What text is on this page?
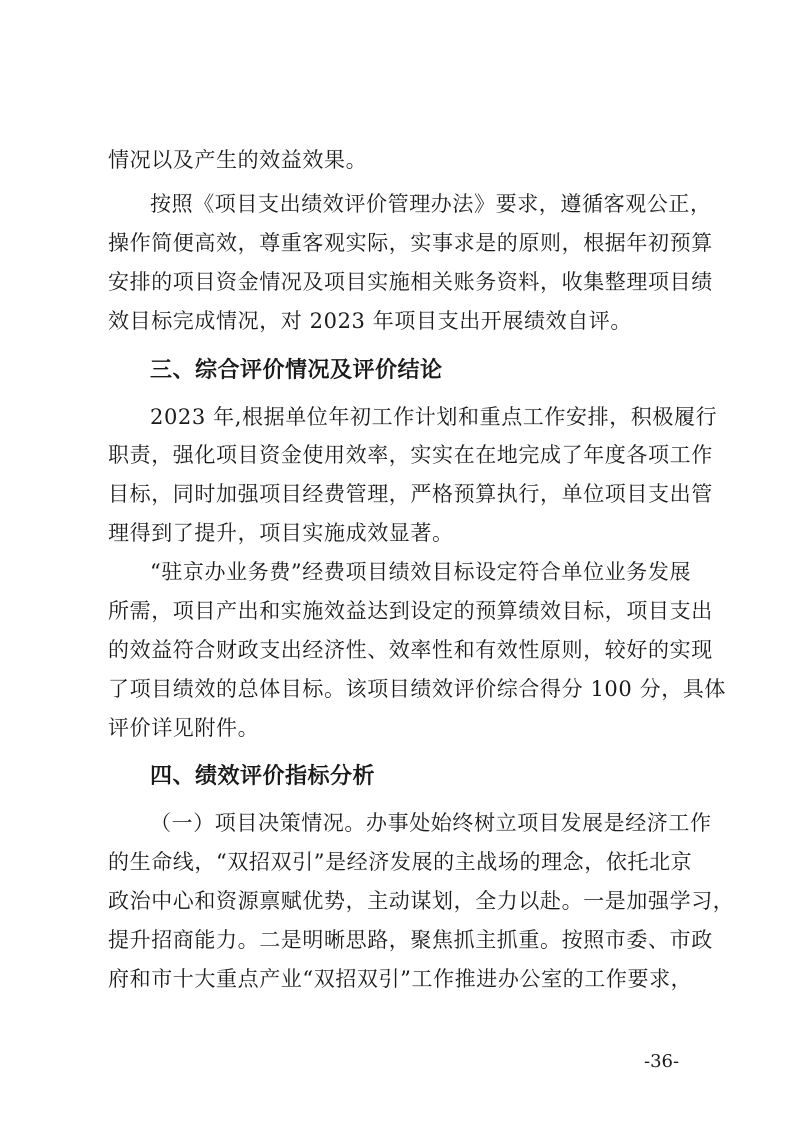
情况以及产生的效益效果。
按照《项目支出绩效评价管理办法》要求，遵循客观公正，
操作简便高效，尊重客观实际，实事求是的原则，根据年初预算
安排的项目资金情况及项目实施相关账务资料，收集整理项目绩
效目标完成情况，对 2023 年项目支出开展绩效自评。
三、综合评价情况及评价结论
2023 年,根据单位年初工作计划和重点工作安排，积极履行
职责，强化项目资金使用效率，实实在在地完成了年度各项工作
目标，同时加强项目经费管理，严格预算执行，单位项目支出管
理得到了提升，项目实施成效显著。
“驻京办业务费”经费项目绩效目标设定符合单位业务发展
所需，项目产出和实施效益达到设定的预算绩效目标，项目支出
的效益符合财政支出经济性、效率性和有效性原则，较好的实现
了项目绩效的总体目标。该项目绩效评价综合得分 100 分，具体
评价详见附件。
四、绩效评价指标分析
（一）项目决策情况。办事处始终树立项目发展是经济工作
的生命线，“双招双引”是经济发展的主战场的理念，依托北京
政治中心和资源禀赋优势，主动谋划，全力以赴。一是加强学习，
提升招商能力。二是明晰思路，聚焦抓主抓重。按照市委、市政
府和市十大重点产业“双招双引”工作推进办公室的工作要求，
-36-
